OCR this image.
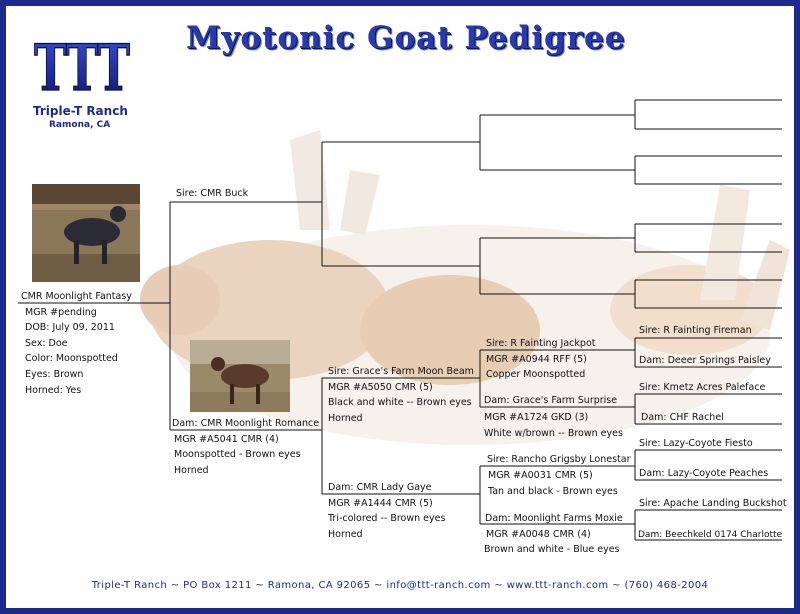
TTT
Triple-T Ranch
Ramona, CA
Myotonic Goat Pedigree
CMR Moonlight Fantasy
MGR #pending
DOB: July 09, 2011
Sex: Doe
Color: Moonspotted
Eyes: Brown
Horned: Yes
Sire: CMR Buck
Dam: CMR Moonlight Romance
MGR #A5041 CMR (4)
Moonspotted - Brown eyes
Horned
Sire: Grace's Farm Moon Beam
MGR #A5050 CMR (5)
Black and white -- Brown eyes
Horned
Dam: CMR Lady Gaye
MGR #A1444 CMR (5)
Tri-colored -- Brown eyes
Horned
Sire: R Fainting Jackpot
MGR #A0944 RFF (5)
Copper Moonspotted
Dam: Grace's Farm Surprise
MGR #A1724 GKD (3)
White w/brown -- Brown eyes
Sire: Rancho Grigsby Lonestar
MGR #A0031 CMR (5)
Tan and black - Brown eyes
Dam: Moonlight Farms Moxie
MGR #A0048 CMR (4)
Brown and white - Blue eyes
Sire: R Fainting Fireman
Dam: Deeer Springs Paisley
Sire: Kmetz Acres Paleface
Dam: CHF Rachel
Sire: Lazy-Coyote Fiesto
Dam: Lazy-Coyote Peaches
Sire: Apache Landing Buckshot
Dam: Beechkeld 0174 Charlotte
Triple-T Ranch ~ PO Box 1211 ~ Ramona, CA 92065 ~ info@ttt-ranch.com ~ www.ttt-ranch.com ~ (760) 468-2004
